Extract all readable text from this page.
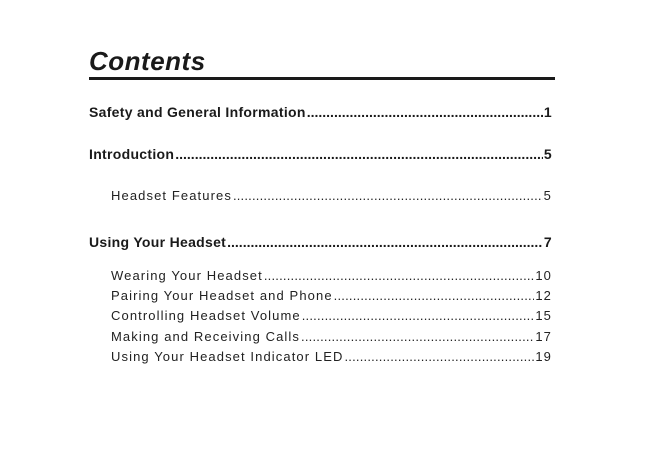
Contents
Safety and General Information .....	1
Introduction .....	5
Headset Features .....	5
Using Your Headset .....	7
Wearing Your Headset .....	10
Pairing Your Headset and Phone .....	12
Controlling Headset Volume .....	15
Making and Receiving Calls .....	17
Using Your Headset Indicator LED .....	19
